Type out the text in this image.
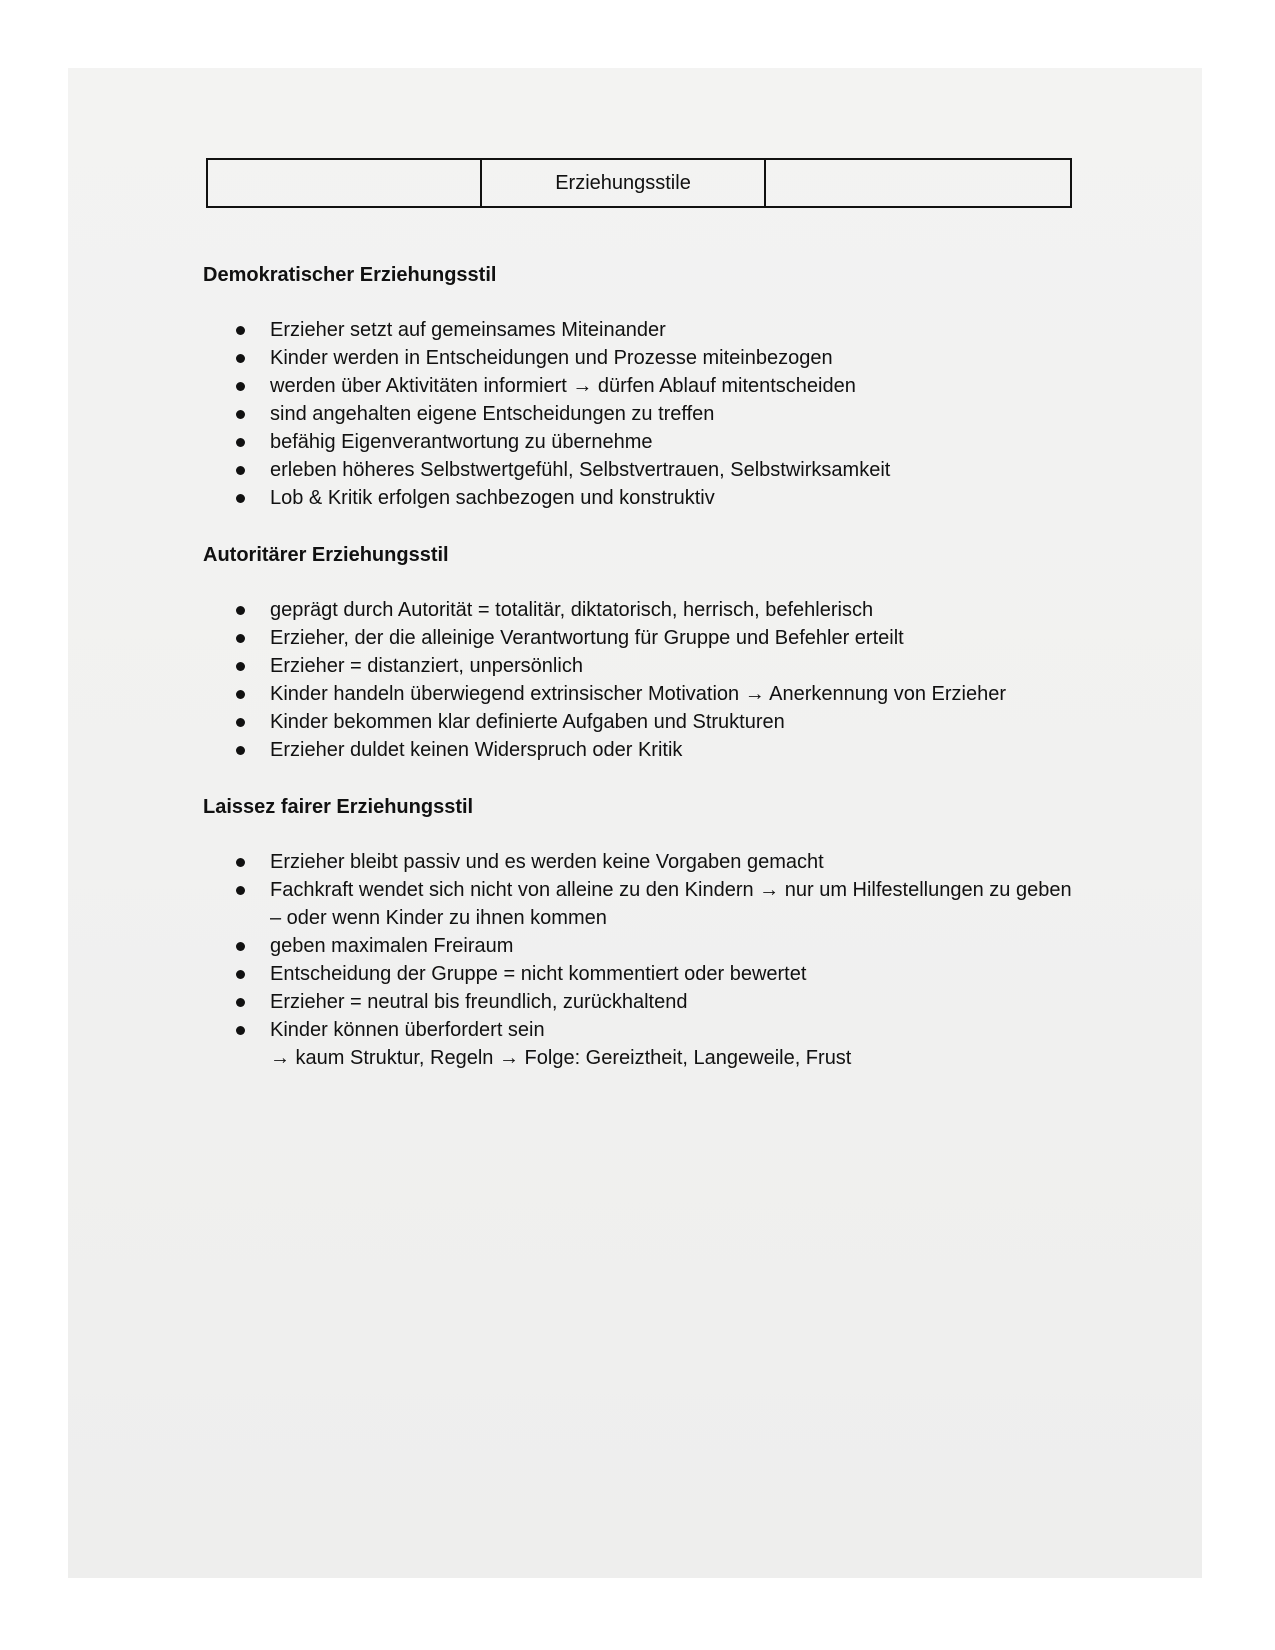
	Erziehungsstile	
Demokratischer Erziehungsstil
Erzieher setzt auf gemeinsames Miteinander
Kinder werden in Entscheidungen und Prozesse miteinbezogen
werden über Aktivitäten informiert → dürfen Ablauf mitentscheiden
sind angehalten eigene Entscheidungen zu treffen
befähig Eigenverantwortung zu übernehme
erleben höheres Selbstwertgefühl, Selbstvertrauen, Selbstwirksamkeit
Lob & Kritik erfolgen sachbezogen und konstruktiv
Autoritärer Erziehungsstil
geprägt durch Autorität = totalitär, diktatorisch, herrisch, befehlerisch
Erzieher, der die alleinige Verantwortung für Gruppe und Befehler erteilt
Erzieher = distanziert, unpersönlich
Kinder handeln überwiegend extrinsischer Motivation → Anerkennung von Erzieher
Kinder bekommen klar definierte Aufgaben und Strukturen
Erzieher duldet keinen Widerspruch oder Kritik
Laissez fairer Erziehungsstil
Erzieher bleibt passiv und es werden keine Vorgaben gemacht
Fachkraft wendet sich nicht von alleine zu den Kindern → nur um Hilfestellungen zu geben – oder wenn Kinder zu ihnen kommen
geben maximalen Freiraum
Entscheidung der Gruppe = nicht kommentiert oder bewertet
Erzieher = neutral bis freundlich, zurückhaltend
Kinder können überfordert sein
→ kaum Struktur, Regeln → Folge: Gereiztheit, Langeweile, Frust
